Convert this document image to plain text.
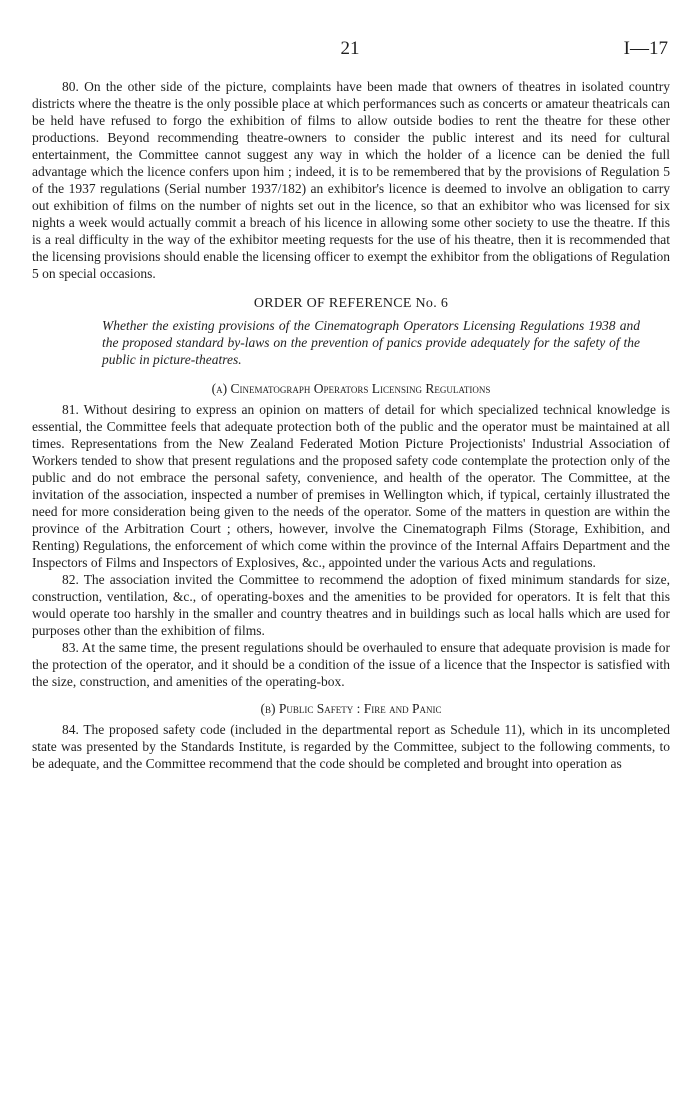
21	I—17

80. On the other side of the picture, complaints have been made that owners of theatres in isolated country districts where the theatre is the only possible place at which performances such as concerts or amateur theatricals can be held have refused to forgo the exhibition of films to allow outside bodies to rent the theatre for these other productions. Beyond recommending theatre-owners to consider the public interest and its need for cultural entertainment, the Committee cannot suggest any way in which the holder of a licence can be denied the full advantage which the licence confers upon him ; indeed, it is to be remembered that by the provisions of Regulation 5 of the 1937 regulations (Serial number 1937/182) an exhibitor's licence is deemed to involve an obligation to carry out exhibition of films on the number of nights set out in the licence, so that an exhibitor who was licensed for six nights a week would actually commit a breach of his licence in allowing some other society to use the theatre. If this is a real difficulty in the way of the exhibitor meeting requests for the use of his theatre, then it is recommended that the licensing provisions should enable the licensing officer to exempt the exhibitor from the obligations of Regulation 5 on special occasions.

ORDER OF REFERENCE No. 6
Whether the existing provisions of the Cinematograph Operators Licensing Regulations 1938 and the proposed standard by-laws on the prevention of panics provide adequately for the safety of the public in picture-theatres.
(a) Cinematograph Operators Licensing Regulations

81. Without desiring to express an opinion on matters of detail for which specialized technical knowledge is essential, the Committee feels that adequate protection both of the public and the operator must be maintained at all times. Representations from the New Zealand Federated Motion Picture Projectionists' Industrial Association of Workers tended to show that present regulations and the proposed safety code contemplate the protection only of the public and do not embrace the personal safety, convenience, and health of the operator. The Committee, at the invitation of the association, inspected a number of premises in Wellington which, if typical, certainly illustrated the need for more consideration being given to the needs of the operator. Some of the matters in question are within the province of the Arbitration Court ; others, however, involve the Cinematograph Films (Storage, Exhibition, and Renting) Regulations, the enforcement of which come within the province of the Internal Affairs Department and the Inspectors of Films and Inspectors of Explosives, &c., appointed under the various Acts and regulations.

82. The association invited the Committee to recommend the adoption of fixed minimum standards for size, construction, ventilation, &c., of operating-boxes and the amenities to be provided for operators. It is felt that this would operate too harshly in the smaller and country theatres and in buildings such as local halls which are used for purposes other than the exhibition of films.

83. At the same time, the present regulations should be overhauled to ensure that adequate provision is made for the protection of the operator, and it should be a condition of the issue of a licence that the Inspector is satisfied with the size, construction, and amenities of the operating-box.

(b) Public Safety : Fire and Panic

84. The proposed safety code (included in the departmental report as Schedule 11), which in its uncompleted state was presented by the Standards Institute, is regarded by the Committee, subject to the following comments, to be adequate, and the Committee recommend that the code should be completed and brought into operation as
